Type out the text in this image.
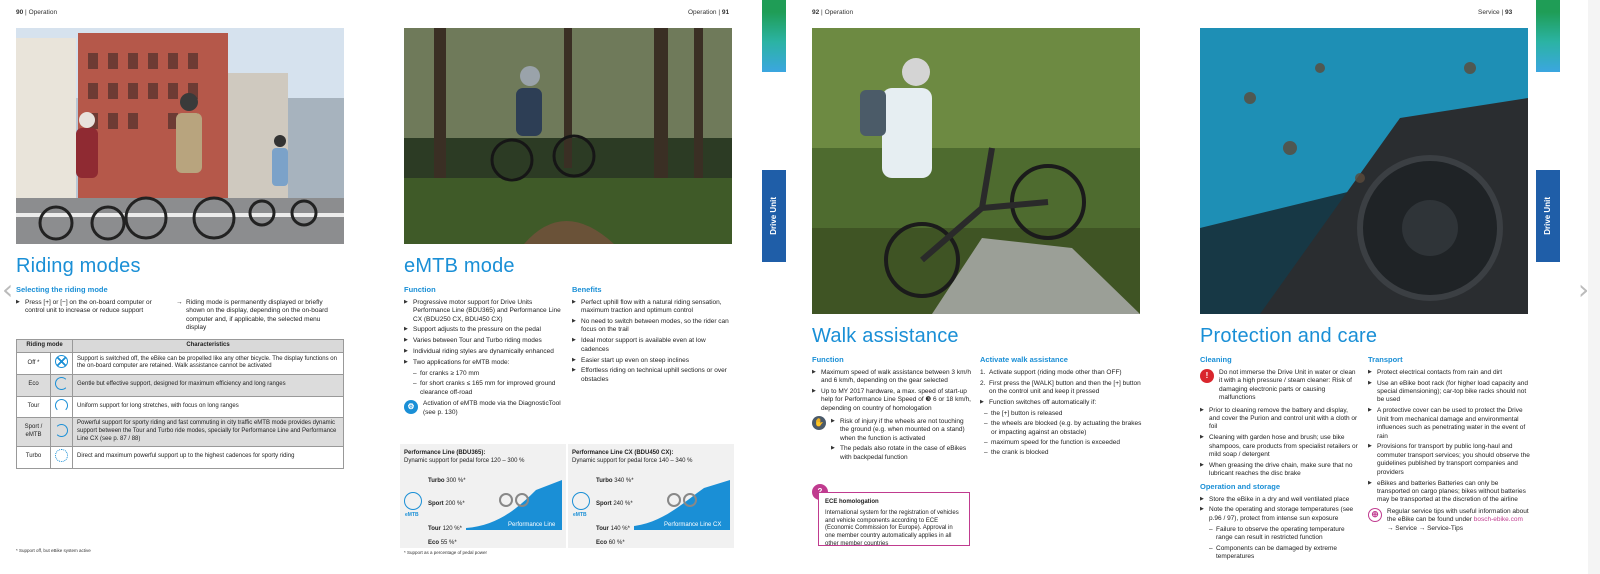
90 | Operation
Riding modes
Selecting the riding mode
▶ Press [+] or [−] on the on-board computer or control unit to increase or reduce support
→ Riding mode is permanently displayed or briefly shown on the display, depending on the on-board computer and, if applicable, the selected menu display
Riding mode		Characteristics
Off *		Support is switched off, the eBike can be propelled like any other bicycle. The display functions on the on-board computer are retained. Walk assistance cannot be activated
Eco		Gentle but effective support, designed for maximum efficiency and long ranges
Tour		Uniform support for long stretches, with focus on long ranges
Sport / eMTB		Powerful support for sporty riding and fast commuting in city traffic eMTB mode provides dynamic support between the Tour and Turbo ride modes, specially for Performance Line and Performance Line CX (see p. 87 / 88)
Turbo		Direct and maximum powerful support up to the highest cadences for sporty riding
* Support off, but eBike system active
‹
Operation | 91
eMTB mode
Function
▶ Progressive motor support for Drive Units Performance Line (BDU365) and Performance Line CX (BDU250 CX, BDU450 CX)
▶ Support adjusts to the pressure on the pedal
▶ Varies between Tour and Turbo riding modes
▶ Individual riding styles are dynamically enhanced
▶ Two applications for eMTB mode:
– for cranks ≥ 170 mm
– for short cranks ≤ 165 mm for improved ground clearance off-road
⚙	Activation of eMTB mode via the DiagnosticTool (see p. 130)
Benefits
▶ Perfect uphill flow with a natural riding sensation, maximum traction and optimum control
▶ No need to switch between modes, so the rider can focus on the trail
▶ Ideal motor support is available even at low cadences
▶ Easier start up even on steep inclines
▶ Effortless riding on technical uphill sections or over obstacles
Performance Line (BDU365):
Dynamic support for pedal force 120 – 300 %
Turbo 300 %*
Sport 200 %*
Tour 120 %*
Eco 55 %*
Performance Line
eMTB
Performance Line CX (BDU450 CX):
Dynamic support for pedal force 140 – 340 %
Turbo 340 %*
Sport 240 %*
Tour 140 %*
Eco 60 %*
Performance Line CX
eMTB
* Support as a percentage of pedal power
Drive Unit
92 | Operation
Walk assistance
Function
▶ Maximum speed of walk assistance between 3 km/h and 6 km/h, depending on the gear selected
▶ Up to MY 2017 hardware, a max. speed of start-up help for Performance Line Speed of ❸ 6 or 18 km/h, depending on country of homologation
✋	▶ Risk of injury if the wheels are not touching the ground (e.g. when mounted on a stand) when the function is activated
▶ The pedals also rotate in the case of eBikes with backpedal function
Activate walk assistance
1. Activate support (riding mode other than OFF)
2. First press the [WALK] button and then the [+] button on the control unit and keep it pressed
▶ Function switches off automatically if:
– the [+] button is released
– the wheels are blocked (e.g. by actuating the brakes or impacting against an obstacle)
– maximum speed for the function is exceeded
– the crank is blocked
ECE homologation
International system for the registration of vehicles and vehicle components according to ECE (Economic Commission for Europe). Approval in one member country automatically applies in all other member countries
Service | 93
Protection and care
Cleaning
!	Do not immerse the Drive Unit in water or clean it with a high pressure / steam cleaner: Risk of damaging electronic parts or causing malfunctions
▶ Prior to cleaning remove the battery and display, and cover the Purion and control unit with a cloth or foil
▶ Cleaning with garden hose and brush; use bike shampoos, care products from specialist retailers or mild soap / detergent
▶ When greasing the drive chain, make sure that no lubricant reaches the disc brake
Operation and storage
▶ Store the eBike in a dry and well ventilated place
▶ Note the operating and storage temperatures (see p.96 / 97), protect from intense sun exposure
– Failure to observe the operating temperature range can result in restricted function
– Components can be damaged by extreme temperatures
Transport
▶ Protect electrical contacts from rain and dirt
▶ Use an eBike boot rack (for higher load capacity and special dimensioning); car-top bike racks should not be used
▶ A protective cover can be used to protect the Drive Unit from mechanical damage and environmental influences such as penetrating water in the event of rain
▶ Provisions for transport by public long-haul and commuter transport services; you should observe the guidelines published by transport companies and providers
▶ eBikes and batteries Batteries can only be transported on cargo planes; bikes without batteries may be transported at the discretion of the airline
⊕	Regular service tips with useful information about the eBike can be found under bosch-ebike.com
→ Service → Service-Tips
Drive Unit
›
